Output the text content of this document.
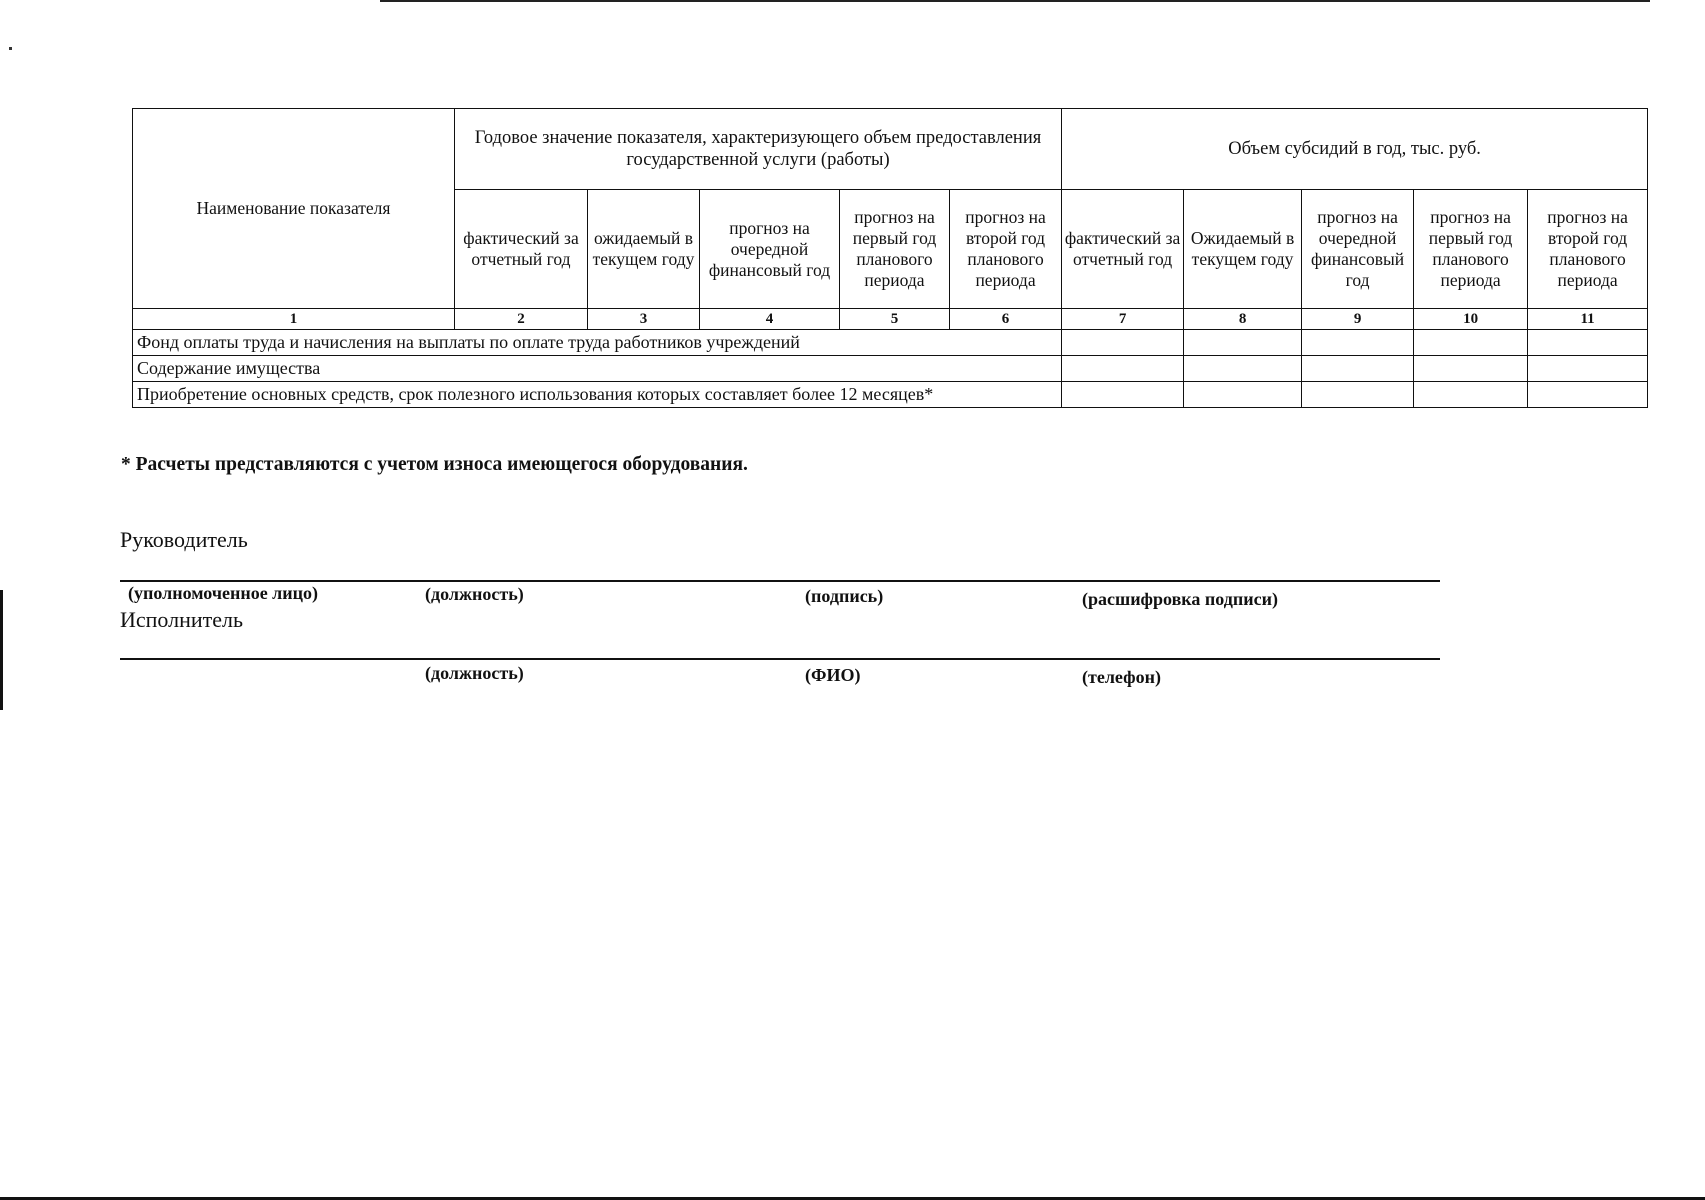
Наименование показателя	Годовое значение показателя, характеризующего объем предоставления государственной услуги (работы)					Объем субсидий в год, тыс. руб.				
	фактический за отчетный год	ожидаемый в текущем году	прогноз на очередной финансовый год	прогноз на первый год планового периода	прогноз на второй год планового периода	фактический за отчетный год	Ожидаемый в текущем году	прогноз на очередной финансовый год	прогноз на первый год планового периода	прогноз на второй год планового периода
1	2	3	4	5	6	7	8	9	10	11
Фонд оплаты труда и начисления на выплаты по оплате труда работников учреждений										
Содержание имущества										
Приобретение основных средств, срок полезного использования которых составляет более 12 месяцев*										
* Расчеты представляются с учетом износа имеющегося оборудования.
Руководитель
(уполномоченное лицо)	(должность)	(подпись)	(расшифровка подписи)
Исполнитель
(должность)	(ФИО)	(телефон)
